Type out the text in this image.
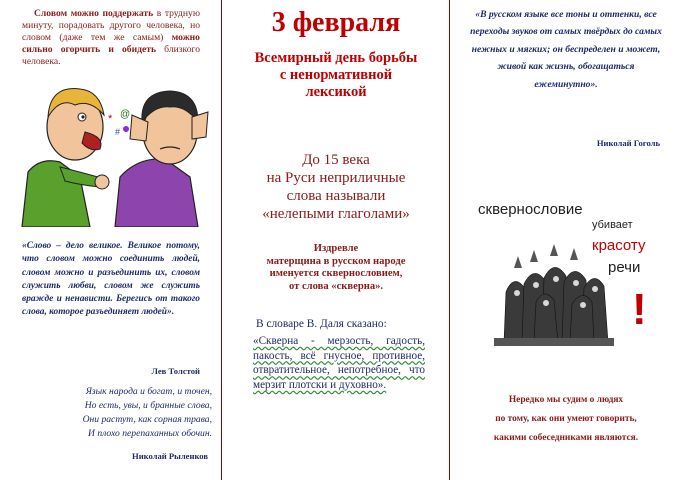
Словом можно поддержать в трудную минуту, порадовать другого человека, но словом (даже тем же самым) можно сильно огорчить и обидеть близкого человека.

*
#
@

«Слово – дело великое. Великое потому, что словом можно соединить людей, словом можно и разъединить их, словом служить любви, словом же служить вражде и ненависти. Берегись от такого слова, которое разъединяет людей».

Лев Толстой
Язык народа и богат, и точен,
Но есть, увы, и бранные слова,
Они растут, как сорная трава,
И плохо перепаханных обочин.
Николай Рыленков
3 февраля
Всемирный день борьбы
с ненормативной
лексикой
До 15 века
на Руси неприличные
слова называли
«нелепыми глаголами»
Издревле
матерщина в русском народе
именуется сквернословием,
от слова «скверна».
В словаре В. Даля сказано:
«Скверна - мерзость, гадость, пакость, всё гнусное, противное, отвратительное, непотребное, что мерзит плотски и духовно».

«В русском языке все тоны и оттенки, все переходы звуков от самых твёрдых до самых нежных и мягких; он беспределен и может, живой как жизнь, обогащаться ежеминутно».

Николай Гоголь
сквернословие
убивает
красоту
речи
!
Нередко мы судим о людях
по тому, как они умеют говорить,
какими собеседниками являются.
